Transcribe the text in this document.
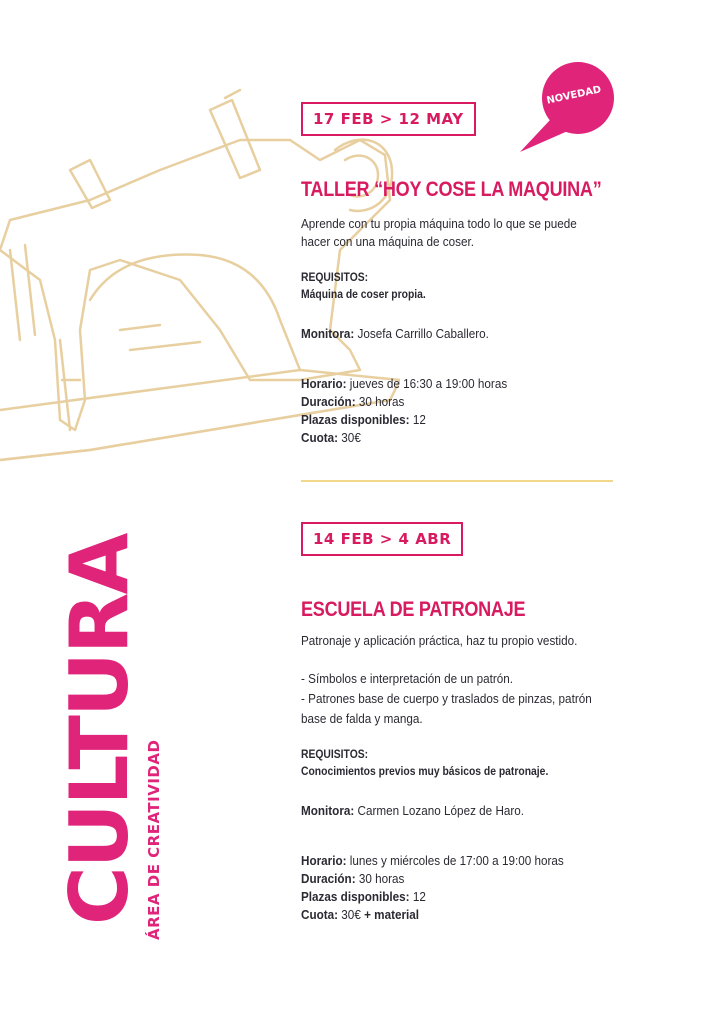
NOVEDAD
17 FEB > 12 MAY
TALLER “HOY COSE LA MAQUINA”
Aprende con tu propia máquina todo lo que se puede
hacer con una máquina de coser.
REQUISITOS:
Máquina de coser propia.
Monitora: Josefa Carrillo Caballero.
Horario: jueves de 16:30 a 19:00 horas
Duración: 30 horas
Plazas disponibles: 12
Cuota: 30€
14 FEB > 4 ABR
ESCUELA DE PATRONAJE
Patronaje y aplicación práctica, haz tu propio vestido.
- Símbolos e interpretación de un patrón.
- Patrones base de cuerpo y traslados de pinzas, patrón
base de falda y manga.
REQUISITOS:
Conocimientos previos muy básicos de patronaje.
Monitora: Carmen Lozano López de Haro.
Horario: lunes y miércoles de 17:00 a 19:00 horas
Duración: 30 horas
Plazas disponibles: 12
Cuota: 30€ + material
CULTURA ÁREA DE CREATIVIDAD
